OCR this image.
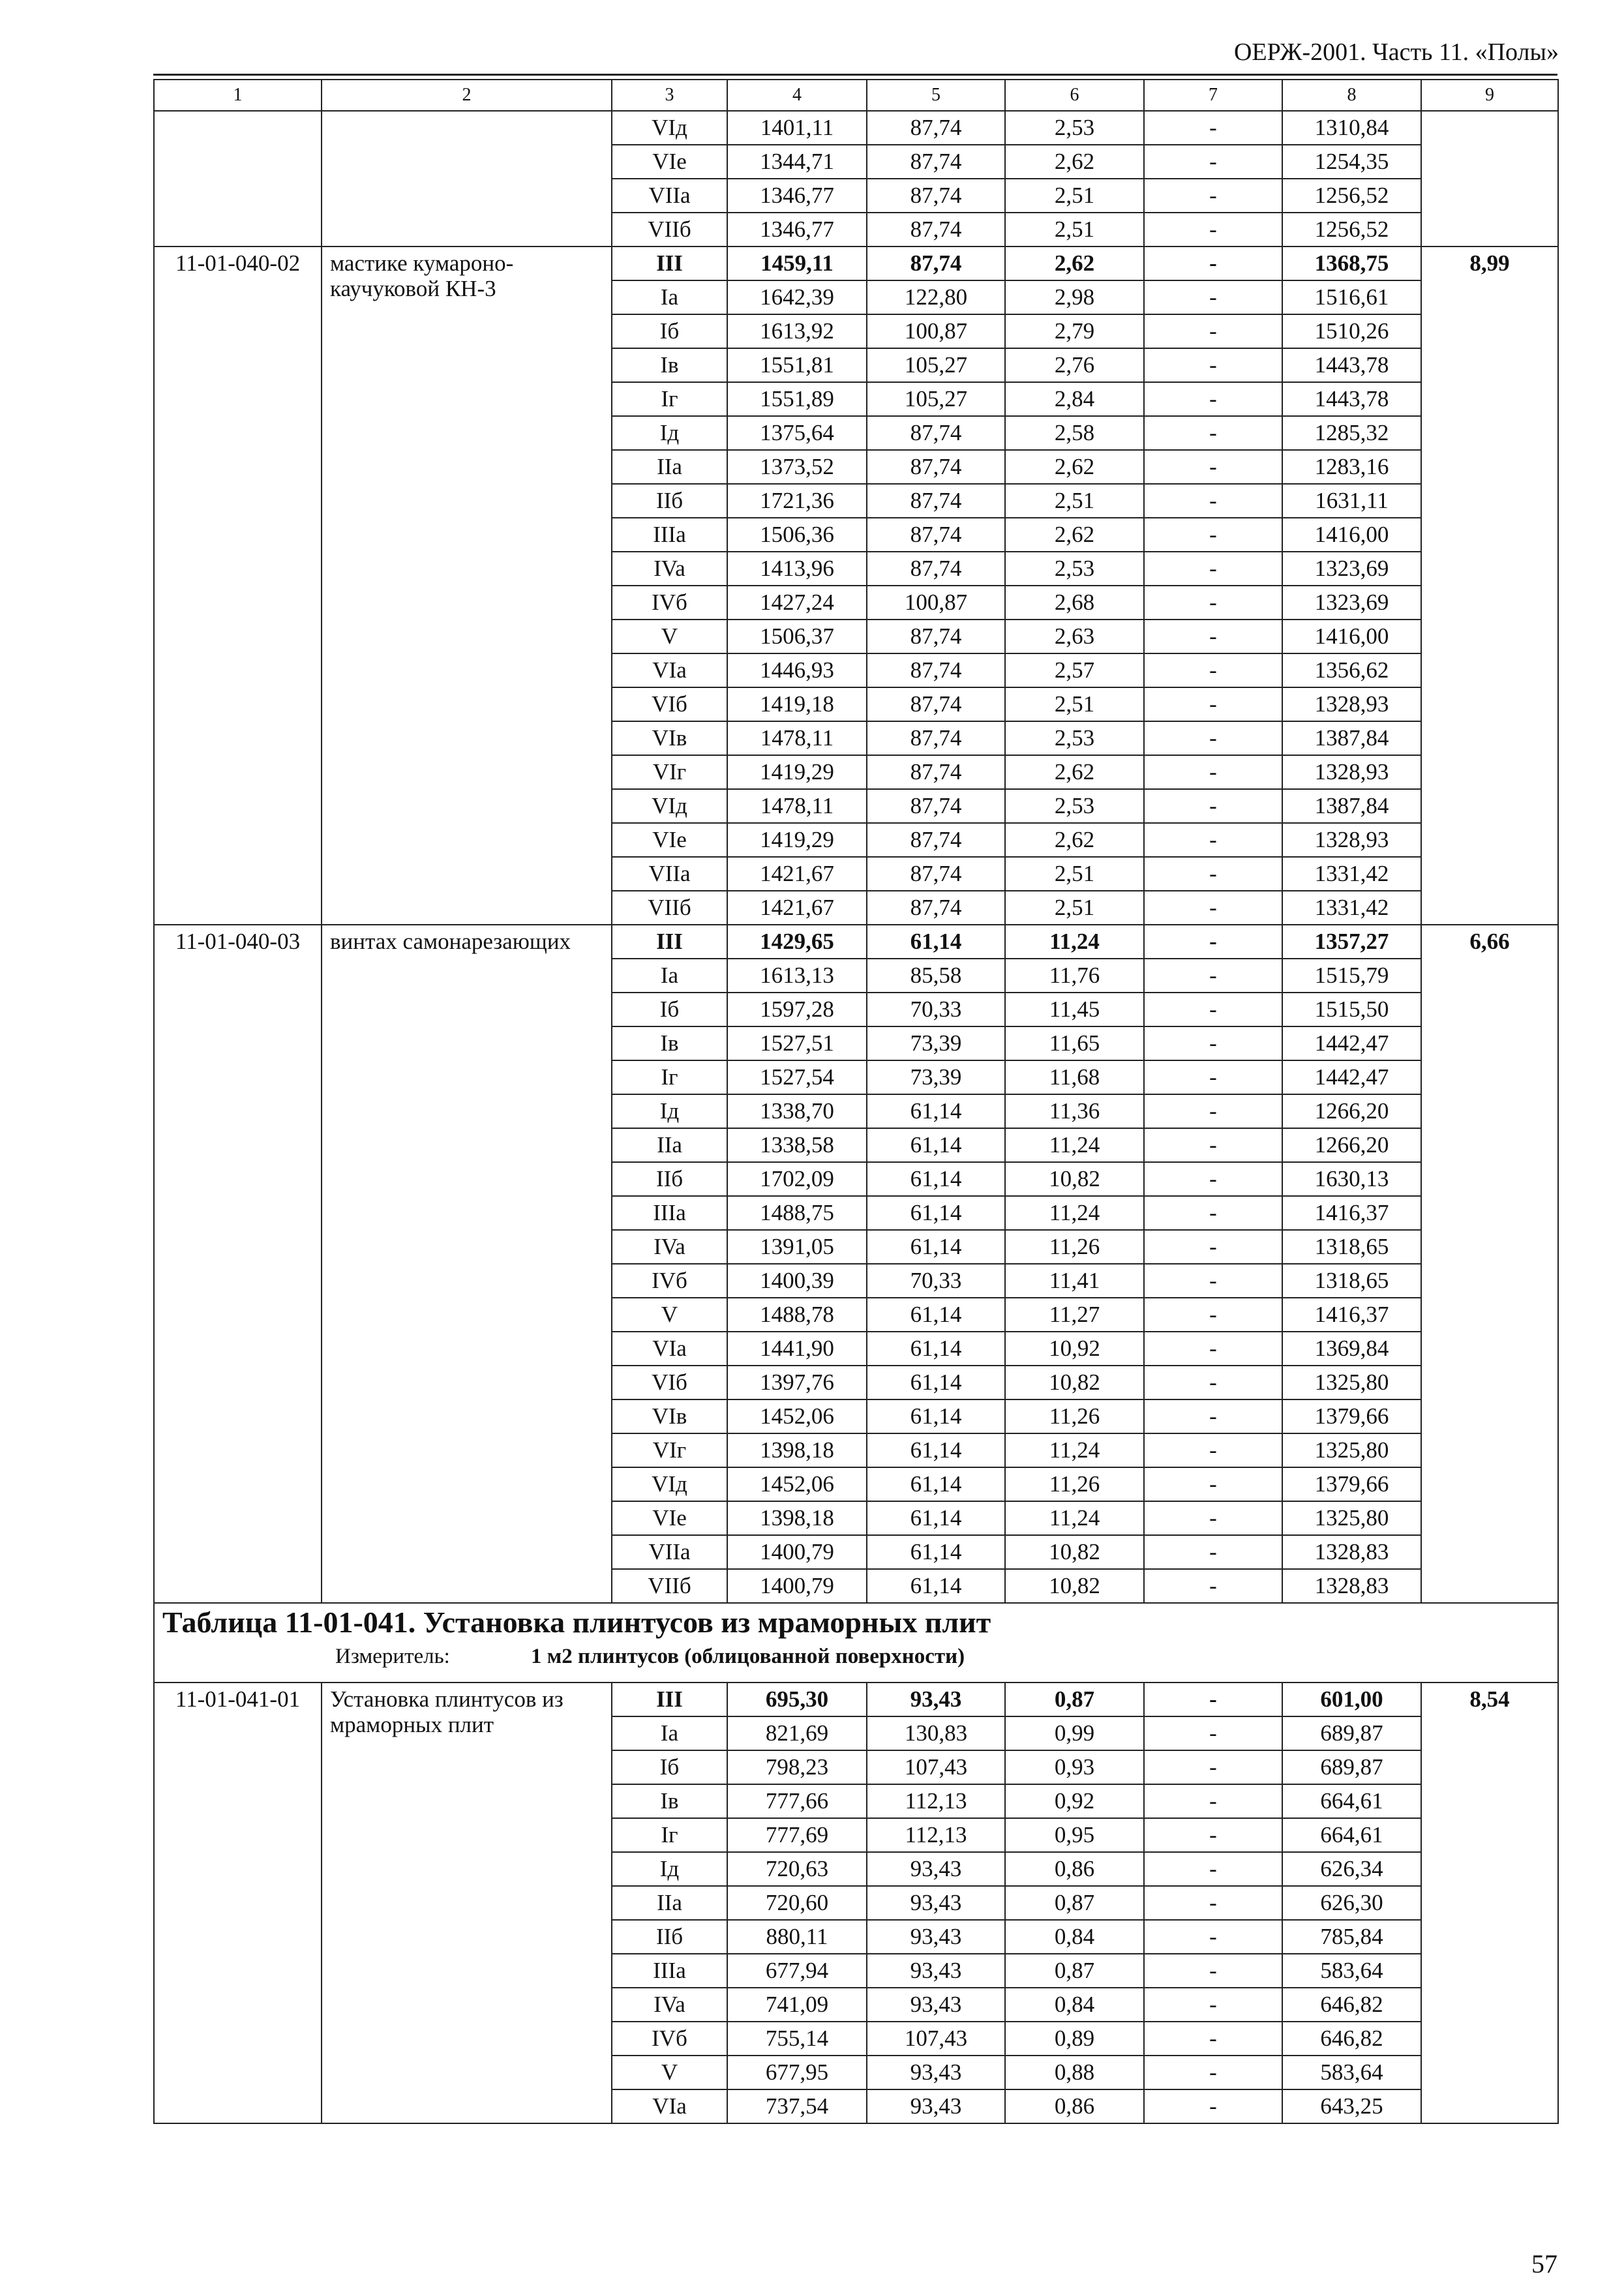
ОЕРЖ-2001. Часть 11. «Полы»
1	2	3	4	5	6	7	8	9
		VIд	1401,11	87,74	2,53	-	1310,84	
		VIe	1344,71	87,74	2,62	-	1254,35	
		VIIa	1346,77	87,74	2,51	-	1256,52	
		VIIб	1346,77	87,74	2,51	-	1256,52	
11-01-040-02	мастике кумароно-каучуковой КН-3	III	1459,11	87,74	2,62	-	1368,75	8,99
		Ia	1642,39	122,80	2,98	-	1516,61	
		Iб	1613,92	100,87	2,79	-	1510,26	
		Iв	1551,81	105,27	2,76	-	1443,78	
		Iг	1551,89	105,27	2,84	-	1443,78	
		Iд	1375,64	87,74	2,58	-	1285,32	
		IIa	1373,52	87,74	2,62	-	1283,16	
		IIб	1721,36	87,74	2,51	-	1631,11	
		IIIa	1506,36	87,74	2,62	-	1416,00	
		IVa	1413,96	87,74	2,53	-	1323,69	
		IVб	1427,24	100,87	2,68	-	1323,69	
		V	1506,37	87,74	2,63	-	1416,00	
		VIa	1446,93	87,74	2,57	-	1356,62	
		VIб	1419,18	87,74	2,51	-	1328,93	
		VIв	1478,11	87,74	2,53	-	1387,84	
		VIг	1419,29	87,74	2,62	-	1328,93	
		VIд	1478,11	87,74	2,53	-	1387,84	
		VIe	1419,29	87,74	2,62	-	1328,93	
		VIIa	1421,67	87,74	2,51	-	1331,42	
		VIIб	1421,67	87,74	2,51	-	1331,42	
11-01-040-03	винтах самонарезающих	III	1429,65	61,14	11,24	-	1357,27	6,66
		Ia	1613,13	85,58	11,76	-	1515,79	
		Iб	1597,28	70,33	11,45	-	1515,50	
		Iв	1527,51	73,39	11,65	-	1442,47	
		Iг	1527,54	73,39	11,68	-	1442,47	
		Iд	1338,70	61,14	11,36	-	1266,20	
		IIa	1338,58	61,14	11,24	-	1266,20	
		IIб	1702,09	61,14	10,82	-	1630,13	
		IIIa	1488,75	61,14	11,24	-	1416,37	
		IVa	1391,05	61,14	11,26	-	1318,65	
		IVб	1400,39	70,33	11,41	-	1318,65	
		V	1488,78	61,14	11,27	-	1416,37	
		VIa	1441,90	61,14	10,92	-	1369,84	
		VIб	1397,76	61,14	10,82	-	1325,80	
		VIв	1452,06	61,14	11,26	-	1379,66	
		VIг	1398,18	61,14	11,24	-	1325,80	
		VIд	1452,06	61,14	11,26	-	1379,66	
		VIe	1398,18	61,14	11,24	-	1325,80	
		VIIa	1400,79	61,14	10,82	-	1328,83	
		VIIб	1400,79	61,14	10,82	-	1328,83	

Таблица 11-01-041. Установка плинтусов из мраморных плит
Измеритель: 1 м2 плинтусов (облицованной поверхности)								

11-01-041-01	Установка плинтусов из мраморных плит	III	695,30	93,43	0,87	-	601,00	8,54
		Ia	821,69	130,83	0,99	-	689,87	
		Iб	798,23	107,43	0,93	-	689,87	
		Iв	777,66	112,13	0,92	-	664,61	
		Iг	777,69	112,13	0,95	-	664,61	
		Iд	720,63	93,43	0,86	-	626,34	
		IIa	720,60	93,43	0,87	-	626,30	
		IIб	880,11	93,43	0,84	-	785,84	
		IIIa	677,94	93,43	0,87	-	583,64	
		IVa	741,09	93,43	0,84	-	646,82	
		IVб	755,14	107,43	0,89	-	646,82	
		V	677,95	93,43	0,88	-	583,64	
		VIa	737,54	93,43	0,86	-	643,25	
57
